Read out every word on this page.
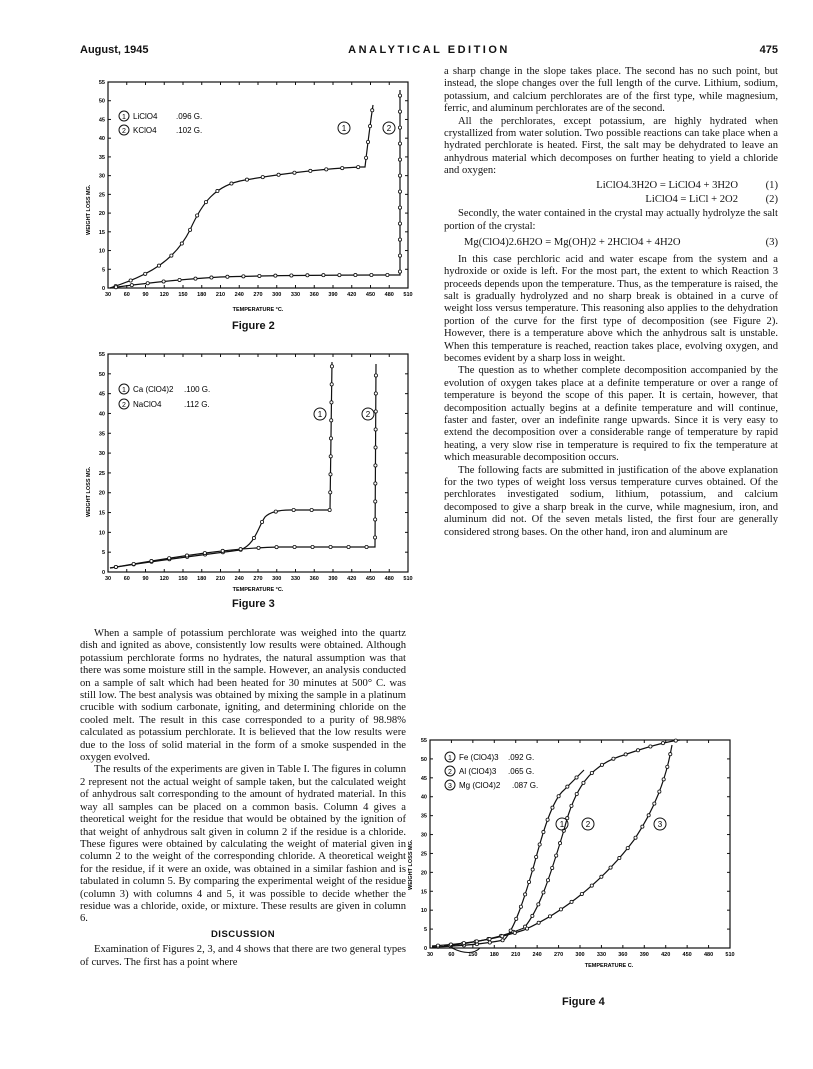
August, 1945	ANALYTICAL EDITION	475
0
5
10
15
20
25
30
35
40
45
50
55
30 60 90 120 150 180 210 240 270 300 330 360 390 420 450 480 510
TEMPERATURE °C.
WEIGHT LOSS MG.
1 LiClO4 .096 G.
2 KClO4 .102 G.	1	2
Figure 2
0
5
10
15
20
25
30
35
40
45
50
55
30 60 90 120 150 180 210 240 270 300 330 360 390 420 450 480 510
TEMPERATURE °C.
WEIGHT LOSS MG.
1 Ca (ClO4)2 .100 G.
2 NaClO4	.112 G.
1	2
Figure 3

When a sample of potassium perchlorate was weighed into the quartz dish and ignited as above, consistently low results were obtained. Although potassium perchlorate forms no hydrates, the natural assumption was that there was some moisture still in the sample. However, an analysis conducted on a sample of salt which had been heated for 30 minutes at 500° C. was still low. The best analysis was obtained by mixing the sample in a platinum crucible with sodium carbonate, igniting, and determining chloride on the cooled melt. The result in this case corresponded to a purity of 98.98% calculated as potassium perchlorate. It is believed that the low results were due to the loss of solid material in the form of a smoke suspended in the oxygen evolved.

The results of the experiments are given in Table I. The figures in column 2 represent not the actual weight of sample taken, but the calculated weight of anhydrous salt corresponding to the amount of hydrated material. In this way all samples can be placed on a common basis. Column 4 gives a theoretical weight for the residue that would be obtained by the ignition of that weight of anhydrous salt given in column 2 if the residue is a chloride. These figures were obtained by calculating the weight of material given in column 2 to the weight of the corresponding chloride. A theoretical weight for the residue, if it were an oxide, was obtained in a similar fashion and is tabulated in column 5. By comparing the experimental weight of the residue (column 3) with columns 4 and 5, it was possible to decide whether the residue was a chloride, oxide, or mixture. These results are given in column 6.

DISCUSSION

Examination of Figures 2, 3, and 4 shows that there are two general types of curves. The first has a point where

a sharp change in the slope takes place. The second has no such point, but instead, the slope changes over the full length of the curve. Lithium, sodium, potassium, and calcium perchlorates are of the first type, while magnesium, ferric, and aluminum perchlorates are of the second.

All the perchlorates, except potassium, are highly hydrated when crystallized from water solution. Two possible reactions can take place when a hydrated perchlorate is heated. First, the salt may be dehydrated to leave an anhydrous material which decomposes on further heating to yield a chloride and oxygen:

LiClO4.3H2O = LiClO4 + 3H2O	(1)
LiClO4 = LiCl + 2O2	(2)

Secondly, the water contained in the crystal may actually hydrolyze the salt portion of the crystal:

Mg(ClO4)2.6H2O = Mg(OH)2 + 2HClO4 + 4H2O	(3)

In this case perchloric acid and water escape from the system and a hydroxide or oxide is left. For the most part, the extent to which Reaction 3 proceeds depends upon the temperature. Thus, as the temperature is raised, the salt is gradually hydrolyzed and no sharp break is obtained in a curve of weight loss versus temperature. This reasoning also applies to the dehydration portion of the curve for the first type of decomposition (see Figure 2). However, there is a temperature above which the anhydrous salt is unstable. When this temperature is reached, reaction takes place, evolving oxygen, and becomes evident by a sharp loss in weight.

The question as to whether complete decomposition accompanied by the evolution of oxygen takes place at a definite temperature or over a range of temperature is beyond the scope of this paper. It is certain, however, that decomposition actually begins at a definite temperature and will continue, faster and faster, over an indefinite range upwards. Since it is very easy to extend the decomposition over a considerable range of temperature by rapid heating, a very slow rise in temperature is required to fix the temperature at which measurable decomposition occurs.

The following facts are submitted in justification of the above explanation for the two types of weight loss versus temperature curves obtained. Of the perchlorates investigated sodium, lithium, potassium, and calcium decomposed to give a sharp break in the curve, while magnesium, iron, and aluminum did not. Of the seven metals listed, the first four are generally considered strong bases. On the other hand, iron and aluminum are

0
5
10
15
20
25
30
35
40
45
50
55
30	60	150 180 210 240 270 300 330 360 390 420 450 480 510
TEMPERATURE C.
WEIGHT LOSS MG.
1 Fe (ClO4)3 .092 G.
2 Al (ClO4)3 .065 G.
3 Mg (ClO4)2 .087 G.
1	2	3
Figure 4
